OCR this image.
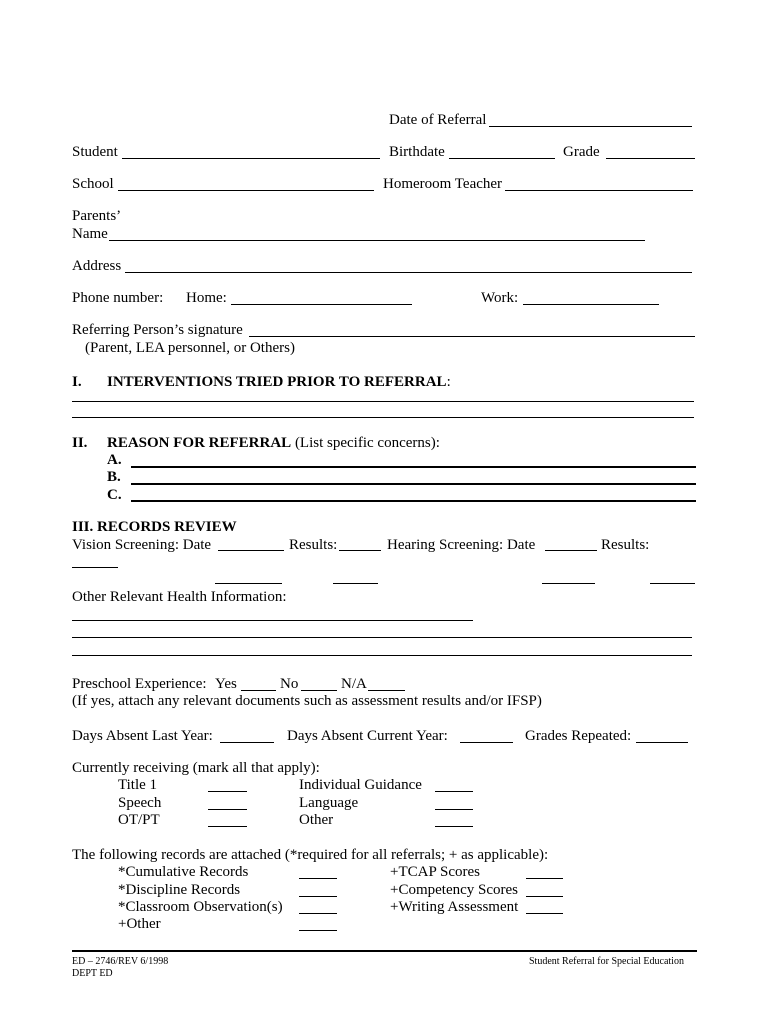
Date of Referral
Student	Birthdate	Grade
School	Homeroom Teacher
Parents’
Name
Address
Phone number: Home:	Work:
Referring Person’s signature
(Parent, LEA personnel, or Others)
I. INTERVENTIONS TRIED PRIOR TO REFERRAL:
II. REASON FOR REFERRAL (List specific concerns):
A.
B.
C.
III. RECORDS REVIEW
Vision Screening: Date	Results:	Hearing Screening: Date	Results:
Other Relevant Health Information:
Preschool Experience: Yes	No	N/A
(If yes, attach any relevant documents such as assessment results and/or IFSP)
Days Absent Last Year:	Days Absent Current Year:	Grades Repeated:
Currently receiving (mark all that apply):
Title 1	Individual Guidance
Speech	Language
OT/PT	Other
The following records are attached (*required for all referrals; + as applicable):
*Cumulative Records	+TCAP Scores
*Discipline Records	+Competency Scores
*Classroom Observation(s)	+Writing Assessment
+Other
ED – 2746/REV 6/1998
DEPT ED
Student Referral for Special Education
